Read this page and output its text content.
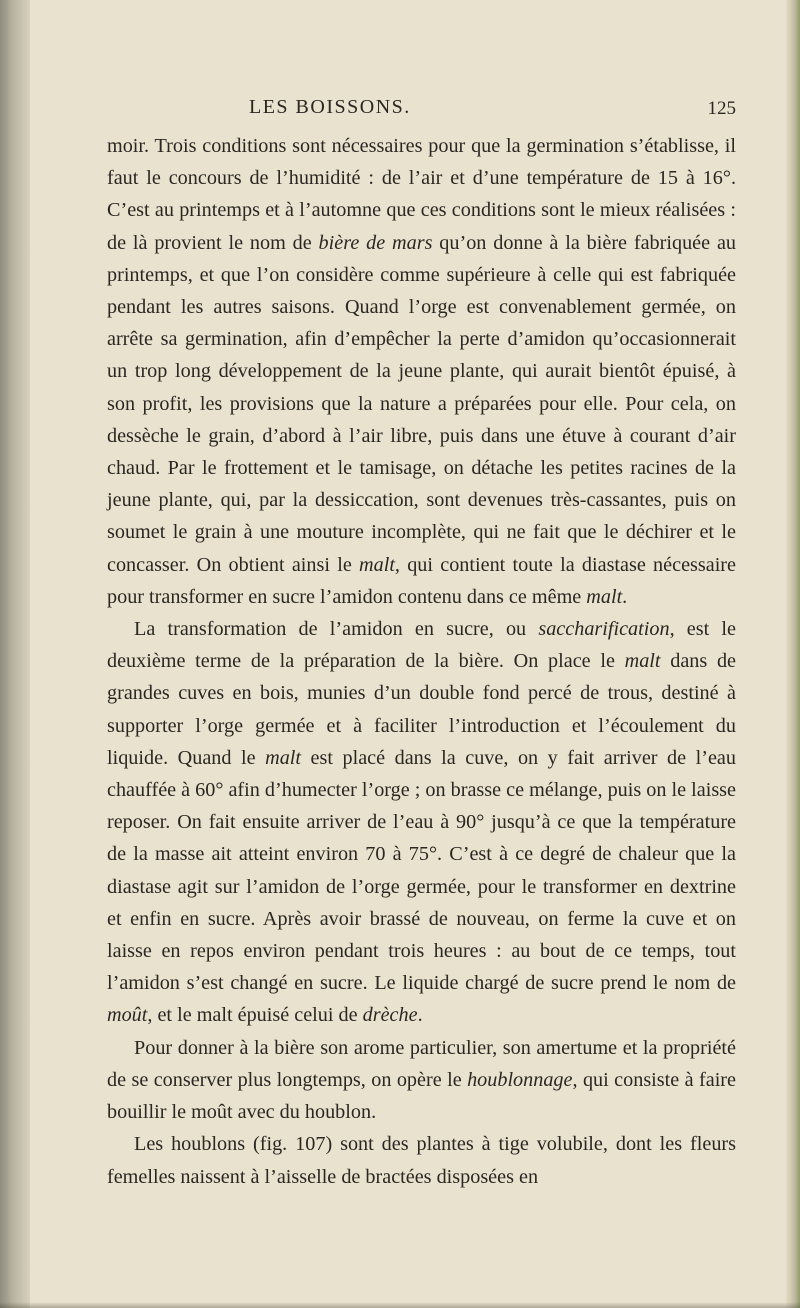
LES BOISSONS.	125

moir. Trois conditions sont nécessaires pour que la germination s’établisse, il faut le concours de l’humidité : de l’air et d’une température de 15 à 16°. C’est au printemps et à l’automne que ces conditions sont le mieux réalisées : de là provient le nom de bière de mars qu’on donne à la bière fabriquée au printemps, et que l’on considère comme supérieure à celle qui est fabriquée pendant les autres saisons. Quand l’orge est convenablement germée, on arrête sa germination, afin d’empêcher la perte d’amidon qu’occasionnerait un trop long développement de la jeune plante, qui aurait bientôt épuisé, à son profit, les provisions que la nature a préparées pour elle. Pour cela, on dessèche le grain, d’abord à l’air libre, puis dans une étuve à courant d’air chaud. Par le frottement et le tamisage, on détache les petites racines de la jeune plante, qui, par la dessiccation, sont devenues très-cassantes, puis on soumet le grain à une mouture incomplète, qui ne fait que le déchirer et le concasser. On obtient ainsi le malt, qui contient toute la diastase nécessaire pour transformer en sucre l’amidon contenu dans ce même malt.

La transformation de l’amidon en sucre, ou saccharification, est le deuxième terme de la préparation de la bière. On place le malt dans de grandes cuves en bois, munies d’un double fond percé de trous, destiné à supporter l’orge germée et à faciliter l’introduction et l’écoulement du liquide. Quand le malt est placé dans la cuve, on y fait arriver de l’eau chauffée à 60° afin d’humecter l’orge ; on brasse ce mélange, puis on le laisse reposer. On fait ensuite arriver de l’eau à 90° jusqu’à ce que la température de la masse ait atteint environ 70 à 75°. C’est à ce degré de chaleur que la diastase agit sur l’amidon de l’orge germée, pour le transformer en dextrine et enfin en sucre. Après avoir brassé de nouveau, on ferme la cuve et on laisse en repos environ pendant trois heures : au bout de ce temps, tout l’amidon s’est changé en sucre. Le liquide chargé de sucre prend le nom de moût, et le malt épuisé celui de drèche.

Pour donner à la bière son arome particulier, son amertume et la propriété de se conserver plus longtemps, on opère le houblonnage, qui consiste à faire bouillir le moût avec du houblon.

Les houblons (fig. 107) sont des plantes à tige volubile, dont les fleurs femelles naissent à l’aisselle de bractées disposées en
